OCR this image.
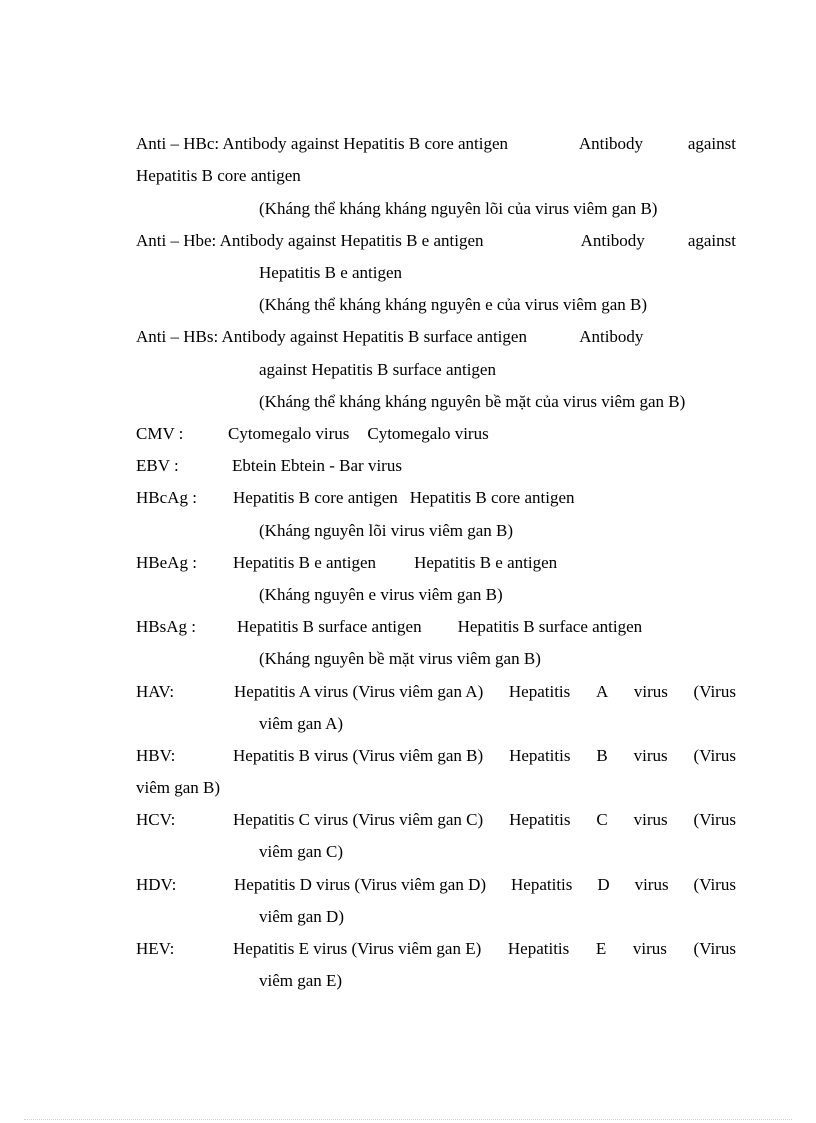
Anti – HBc: Antibody against Hepatitis B core antigen	Antibody	against
Hepatitis B core antigen
(Kháng thể kháng kháng nguyên lõi của virus viêm gan B)
Anti – Hbe: Antibody against Hepatitis B e antigen	Antibody	against
Hepatitis B e antigen
(Kháng thể kháng kháng nguyên e của virus viêm gan B)
Anti – HBs: Antibody against Hepatitis B surface antigen	Antibody
against Hepatitis B surface antigen
(Kháng thể kháng kháng nguyên bề mặt của virus viêm gan B)
CMV :	Cytomegalo virus Cytomegalo virus
EBV :	Ebtein Ebtein - Bar virus
HBcAg : Hepatitis B core antigen Hepatitis B core antigen
(Kháng nguyên lõi virus viêm gan B)
HBeAg : Hepatitis B e antigen Hepatitis B e antigen
(Kháng nguyên e virus viêm gan B)
HBsAg : Hepatitis B surface antigen Hepatitis B surface antigen
(Kháng nguyên bề mặt virus viêm gan B)
HAV:	Hepatitis A virus (Virus viêm gan A) Hepatitis A virus (Virus
viêm gan A)
HBV:	Hepatitis B virus (Virus viêm gan B) Hepatitis B virus (Virus
viêm gan B)
HCV:	Hepatitis C virus (Virus viêm gan C) Hepatitis C virus (Virus
viêm gan C)
HDV:	Hepatitis D virus (Virus viêm gan D) Hepatitis D virus (Virus
viêm gan D)
HEV:	Hepatitis E virus (Virus viêm gan E) Hepatitis E virus (Virus
viêm gan E)
